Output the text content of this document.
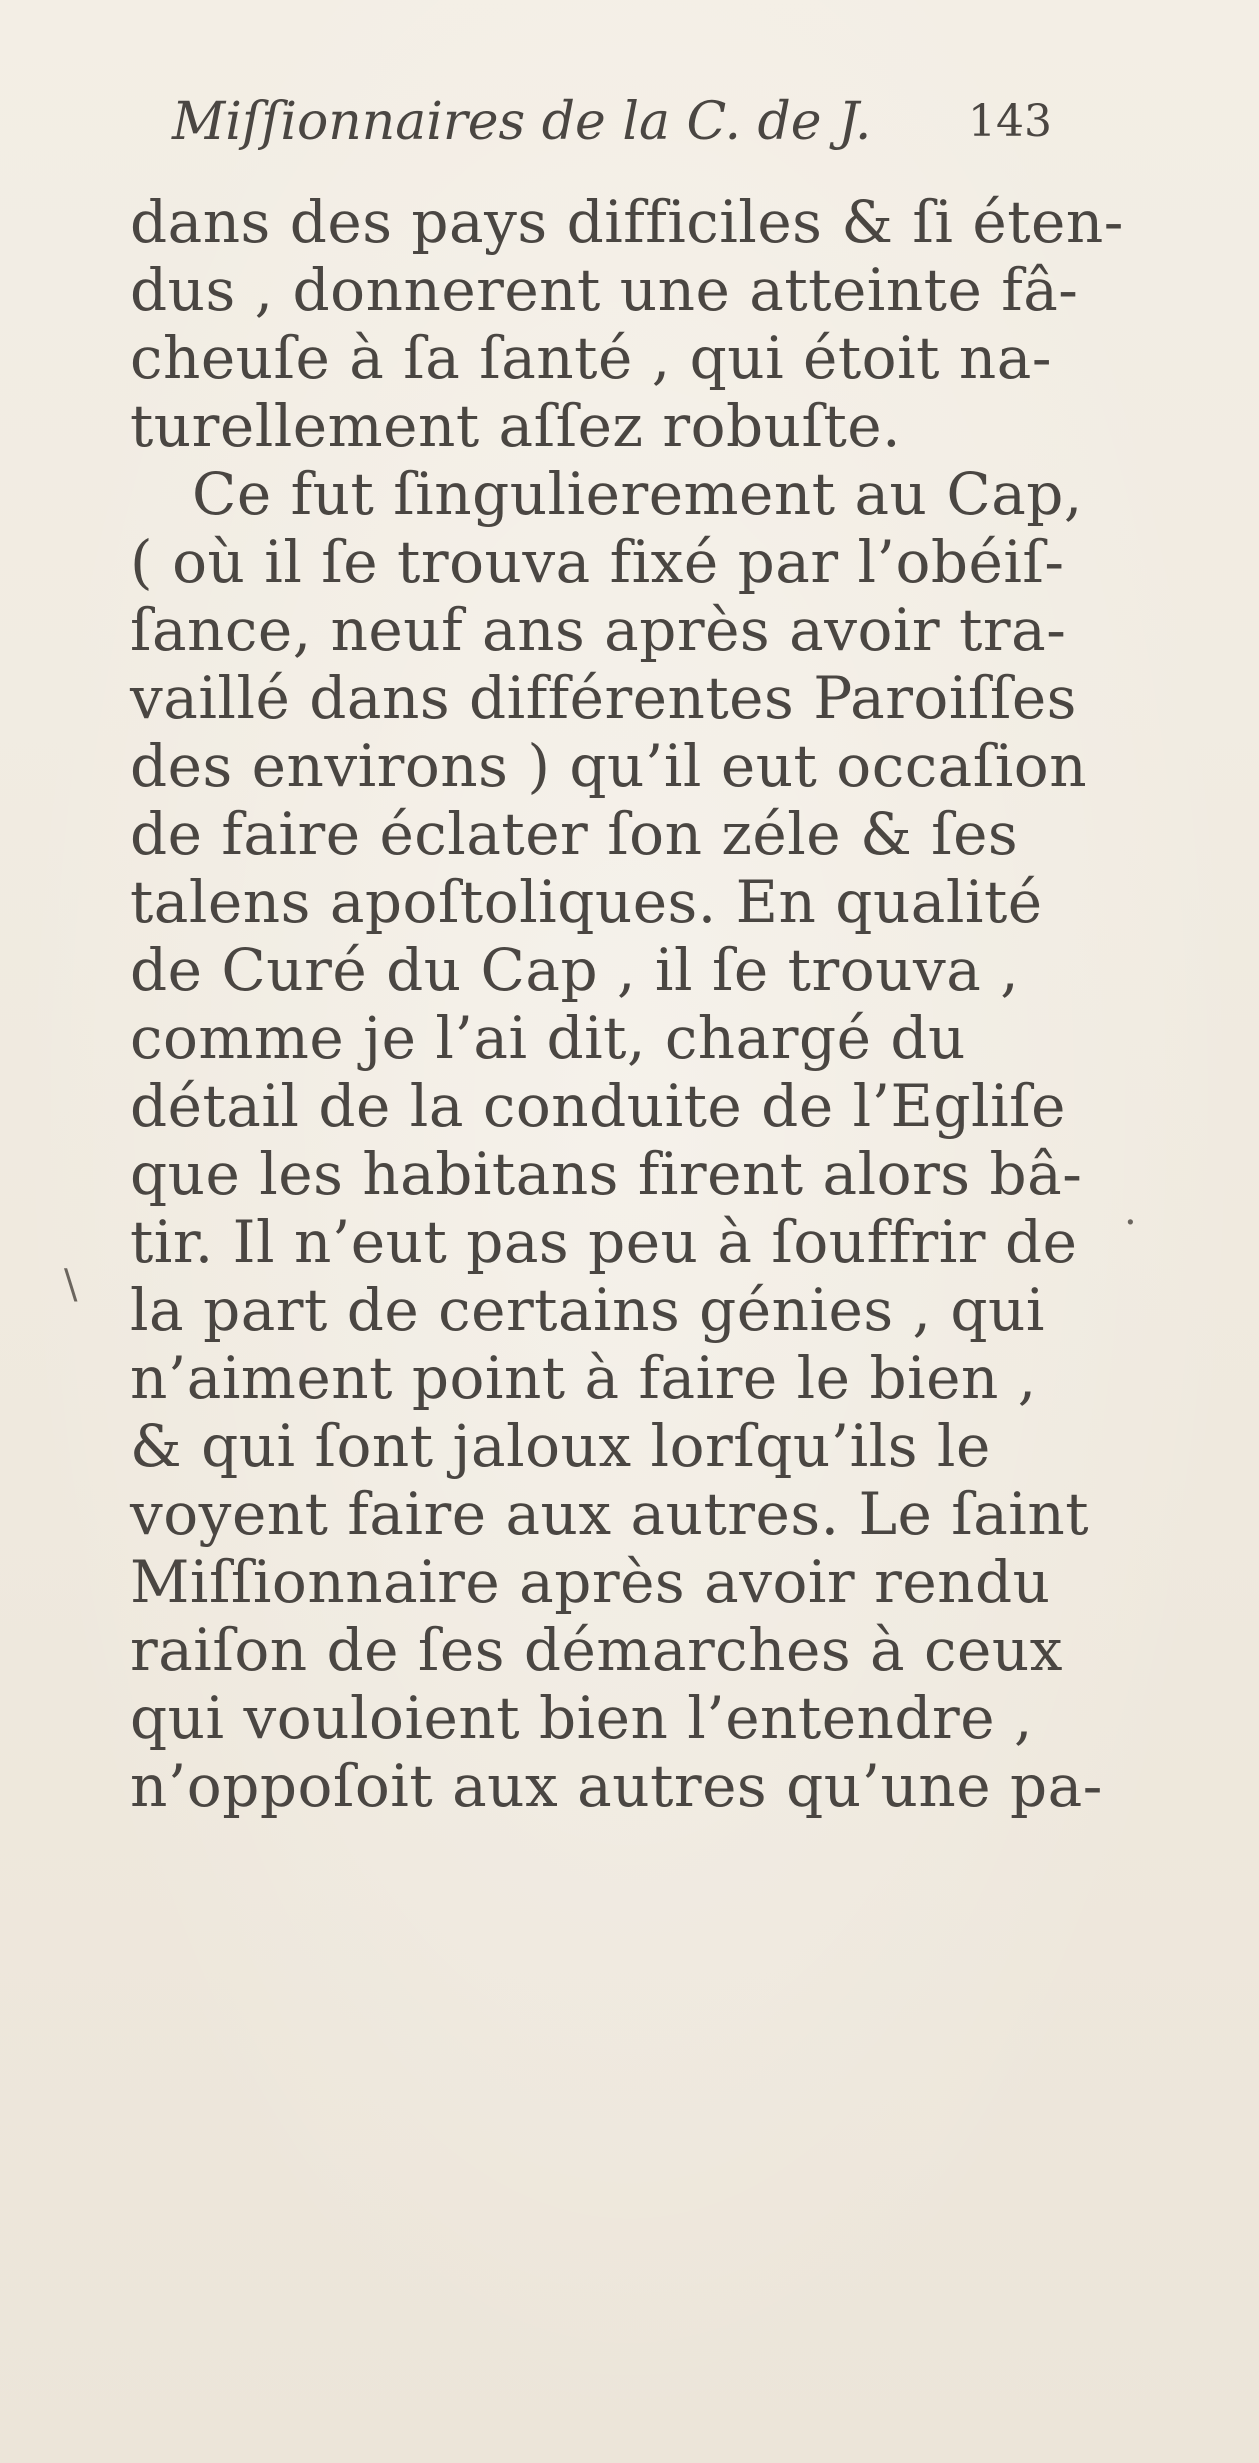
Miſſionnaires de la C. de J. 143
dans des pays difficiles & ſi éten-
dus , donnerent une atteinte fâ-
cheuſe à ſa ſanté , qui étoit na-
turellement aſſez robuſte.
Ce fut ſingulierement au Cap,
( où il ſe trouva fixé par l’obéiſ-
ſance, neuf ans après avoir tra-
vaillé dans différentes Paroiſſes
des environs ) qu’il eut occaſion
de faire éclater ſon zéle & ſes
talens apoſtoliques. En qualité
de Curé du Cap , il ſe trouva ,
comme je l’ai dit, chargé du
détail de la conduite de l’Egliſe
que les habitans firent alors bâ-
tir. Il n’eut pas peu à ſouffrir de
la part de certains génies , qui
n’aiment point à faire le bien ,
& qui ſont jaloux lorſqu’ils le
voyent faire aux autres. Le ſaint
Miſſionnaire après avoir rendu
raiſon de ſes démarches à ceux
qui vouloient bien l’entendre ,
n’oppoſoit aux autres qu’une pa-
\
.
